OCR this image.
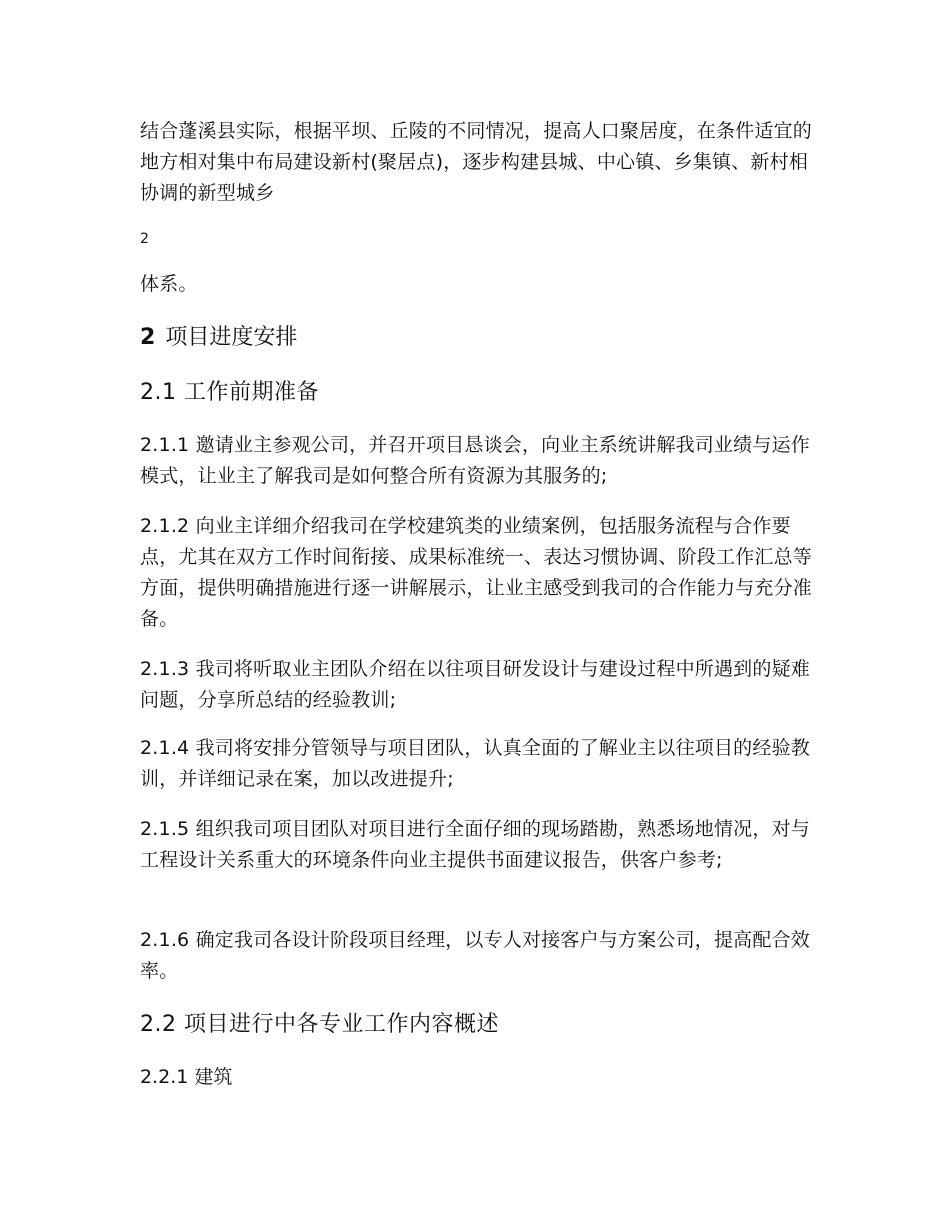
结合蓬溪县实际，根据平坝、丘陵的不同情况，提高人口聚居度，在条件适宜的地方相对集中布局建设新村(聚居点)，逐步构建县城、中心镇、乡集镇、新村相协调的新型城乡

2

体系。

2 项目进度安排
2.1 工作前期准备

2.1.1 邀请业主参观公司，并召开项目恳谈会，向业主系统讲解我司业绩与运作模式，让业主了解我司是如何整合所有资源为其服务的;

2.1.2 向业主详细介绍我司在学校建筑类的业绩案例，包括服务流程与合作要点，尤其在双方工作时间衔接、成果标准统一、表达习惯协调、阶段工作汇总等方面，提供明确措施进行逐一讲解展示，让业主感受到我司的合作能力与充分准备。

2.1.3 我司将听取业主团队介绍在以往项目研发设计与建设过程中所遇到的疑难问题，分享所总结的经验教训;

2.1.4 我司将安排分管领导与项目团队，认真全面的了解业主以往项目的经验教训，并详细记录在案，加以改进提升;

2.1.5 组织我司项目团队对项目进行全面仔细的现场踏勘，熟悉场地情况，对与工程设计关系重大的环境条件向业主提供书面建议报告，供客户参考;

2.1.6 确定我司各设计阶段项目经理，以专人对接客户与方案公司，提高配合效率。

2.2 项目进行中各专业工作内容概述
2.2.1 建筑
